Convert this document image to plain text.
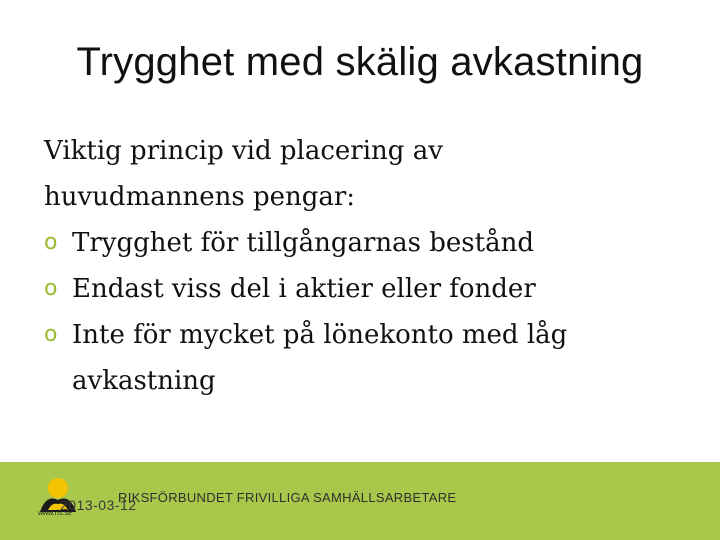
Trygghet med skälig avkastning
Viktig princip vid placering av
huvudmannens pengar:
o Trygghet för tillgångarnas bestånd
o Endast viss del i aktier eller fonder
o Inte för mycket på lönekonto med låg avkastning
www.rfs.se
2013-03-12
RIKSFÖRBUNDET FRIVILLIGA SAMHÄLLSARBETARE
